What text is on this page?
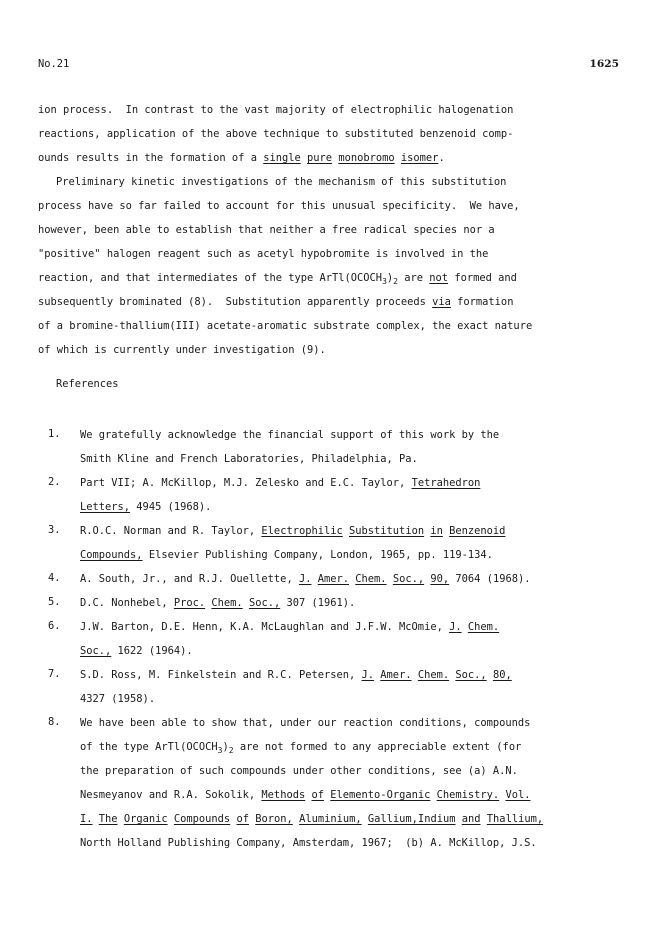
No.21	1625
ion process.  In contrast to the vast majority of electrophilic halogenation
reactions, application of the above technique to substituted benzenoid comp-
ounds results in the formation of a single pure monobromo isomer.
Preliminary kinetic investigations of the mechanism of this substitution
process have so far failed to account for this unusual specificity.  We have,
however, been able to establish that neither a free radical species nor a
"positive" halogen reagent such as acetyl hypobromite is involved in the
reaction, and that intermediates of the type $ArTl(OCOCH_3)_2$ are not formed and
subsequently brominated (8).  Substitution apparently proceeds via formation
of a bromine-thallium(III) acetate-aromatic substrate complex, the exact nature
of which is currently under investigation (9).
References
1.	We gratefully acknowledge the financial support of this work by the
Smith Kline and French Laboratories, Philadelphia, Pa.
2.	Part VII; A. McKillop, M.J. Zelesko and E.C. Taylor, Tetrahedron
Letters, 4945 (1968).
3.	R.O.C. Norman and R. Taylor, Electrophilic Substitution in Benzenoid
Compounds, Elsevier Publishing Company, London, 1965, pp. 119-134.
4.	A. South, Jr., and R.J. Ouellette, J. Amer. Chem. Soc., 90, 7064 (1968).
5.	D.C. Nonhebel, Proc. Chem. Soc., 307 (1961).
6.	J.W. Barton, D.E. Henn, K.A. McLaughlan and J.F.W. McOmie, J. Chem.
Soc., 1622 (1964).
7.	S.D. Ross, M. Finkelstein and R.C. Petersen, J. Amer. Chem. Soc., 80,
4327 (1958).
8.	We have been able to show that, under our reaction conditions, compounds
of the type $ArTl(OCOCH_3)_2$ are not formed to any appreciable extent (for
the preparation of such compounds under other conditions, see (a) A.N.
Nesmeyanov and R.A. Sokolik, Methods of Elemento-Organic Chemistry. Vol.
I. The Organic Compounds of Boron, Aluminium, Gallium,Indium and Thallium,
North Holland Publishing Company, Amsterdam, 1967;  (b) A. McKillop, J.S.
